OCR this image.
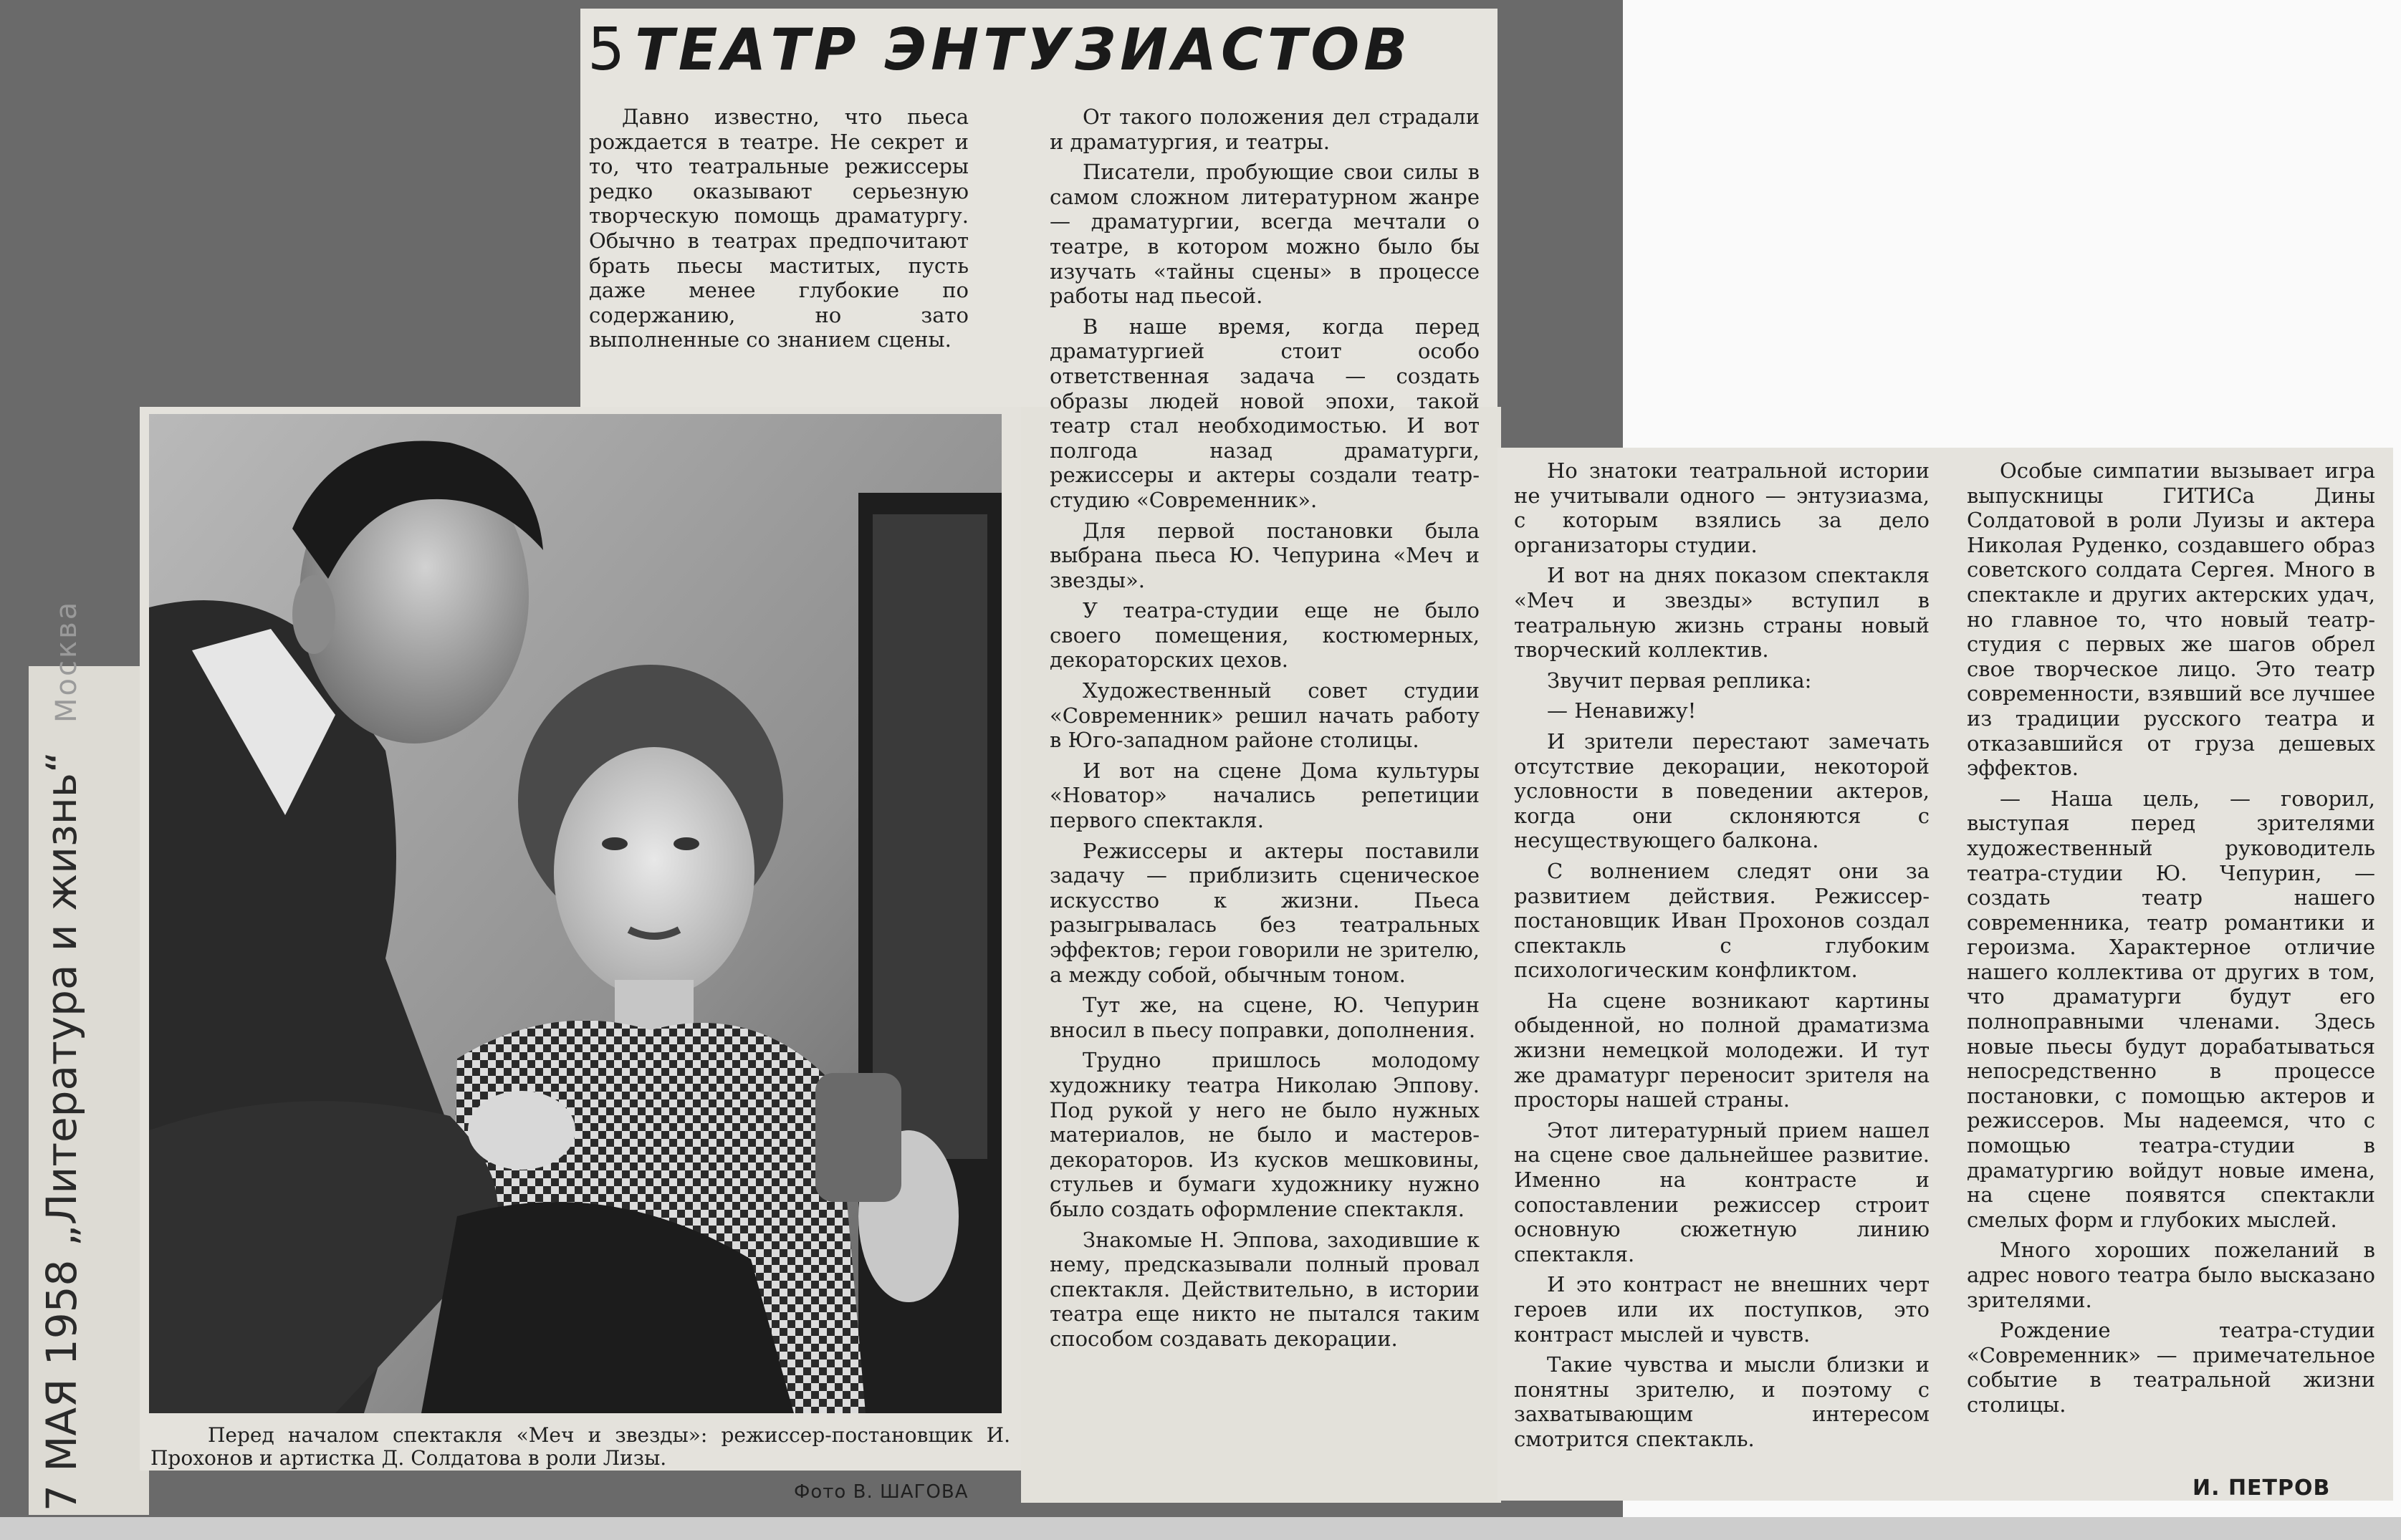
5 ТЕАТР ЭНТУЗИАСТОВ

Давно известно, что пьеса рождается в театре. Не секрет и то, что театральные режиссеры редко оказывают серьезную творческую помощь драматургу. Обычно в театрах предпочитают брать пьесы маститых, пусть даже менее глубокие по содержанию, но зато выполненные со знанием сцены.

От такого положения дел страдали и драматургия, и театры.

Писатели, пробующие свои силы в самом сложном литературном жанре — драматургии, всегда мечтали о театре, в котором можно было бы изучать «тайны сцены» в процессе работы над пьесой.

В наше время, когда перед драматургией стоит особо ответственная задача — создать образы людей новой эпохи, такой театр стал необходимостью. И вот полгода назад драматурги, режиссеры и актеры создали театр-студию «Современник».

Для первой постановки была выбрана пьеса Ю. Чепурина «Меч и звезды».

У театра-студии еще не было своего помещения, костюмерных, декораторских цехов.

Художественный совет студии «Современник» решил начать работу в Юго-западном районе столицы.

И вот на сцене Дома культуры «Новатор» начались репетиции первого спектакля.

Режиссеры и актеры поставили задачу — приблизить сценическое искусство к жизни. Пьеса разыгрывалась без театральных эффектов; герои говорили не зрителю, а между собой, обычным тоном.

Тут же, на сцене, Ю. Чепурин вносил в пьесу поправки, дополнения.

Трудно пришлось молодому художнику театра Николаю Эппову. Под рукой у него не было нужных материалов, не было и мастеров-декораторов. Из кусков мешковины, стульев и бумаги художнику нужно было создать оформление спектакля.

Знакомые Н. Эппова, заходившие к нему, предсказывали полный провал спектакля. Действительно, в истории театра еще никто не пытался таким способом создавать декорации.

Но знатоки театральной истории не учитывали одного — энтузиазма, с которым взялись за дело организаторы студии.

И вот на днях показом спектакля «Меч и звезды» вступил в театральную жизнь страны новый творческий коллектив.

Звучит первая реплика:

— Ненавижу!

И зрители перестают замечать отсутствие декорации, некоторой условности в поведении актеров, когда они склоняются с несуществующего балкона.

С волнением следят они за развитием действия. Режиссер-постановщик Иван Прохонов создал спектакль с глубоким психологическим конфликтом.

На сцене возникают картины обыденной, но полной драматизма жизни немецкой молодежи. И тут же драматург переносит зрителя на просторы нашей страны.

Этот литературный прием нашел на сцене свое дальнейшее развитие. Именно на контрасте и сопоставлении режиссер строит основную сюжетную линию спектакля.

И это контраст не внешних черт героев или их поступков, это контраст мыслей и чувств.

Такие чувства и мысли близки и понятны зрителю, и поэтому с захватывающим интересом смотрится спектакль.

Особые симпатии вызывает игра выпускницы ГИТИСа Дины Солдатовой в роли Луизы и актера Николая Руденко, создавшего образ советского солдата Сергея. Много в спектакле и других актерских удач, но главное то, что новый театр-студия с первых же шагов обрел свое творческое лицо. Это театр современности, взявший все лучшее из традиции русского театра и отказавшийся от груза дешевых эффектов.

— Наша цель, — говорил, выступая перед зрителями художественный руководитель театра-студии Ю. Чепурин, — создать театр нашего современника, театр романтики и героизма. Характерное отличие нашего коллектива от других в том, что драматурги будут его полноправными членами. Здесь новые пьесы будут дорабатываться непосредственно в процессе постановки, с помощью актеров и режиссеров. Мы надеемся, что с помощью театра-студии в драматургию войдут новые имена, на сцене появятся спектакли смелых форм и глубоких мыслей.

Много хороших пожеланий в адрес нового театра было высказано зрителями.

Рождение театра-студии «Современник» — примечательное событие в театральной жизни столицы.

Перед началом спектакля «Меч и звезды»: режиссер-постановщик И. Прохонов и артистка Д. Солдатова в роли Лизы.

Фото В. ШАГОВА	И. ПЕТРОВ
7 МАЯ 1958 „Литература и жизнь“Москва
